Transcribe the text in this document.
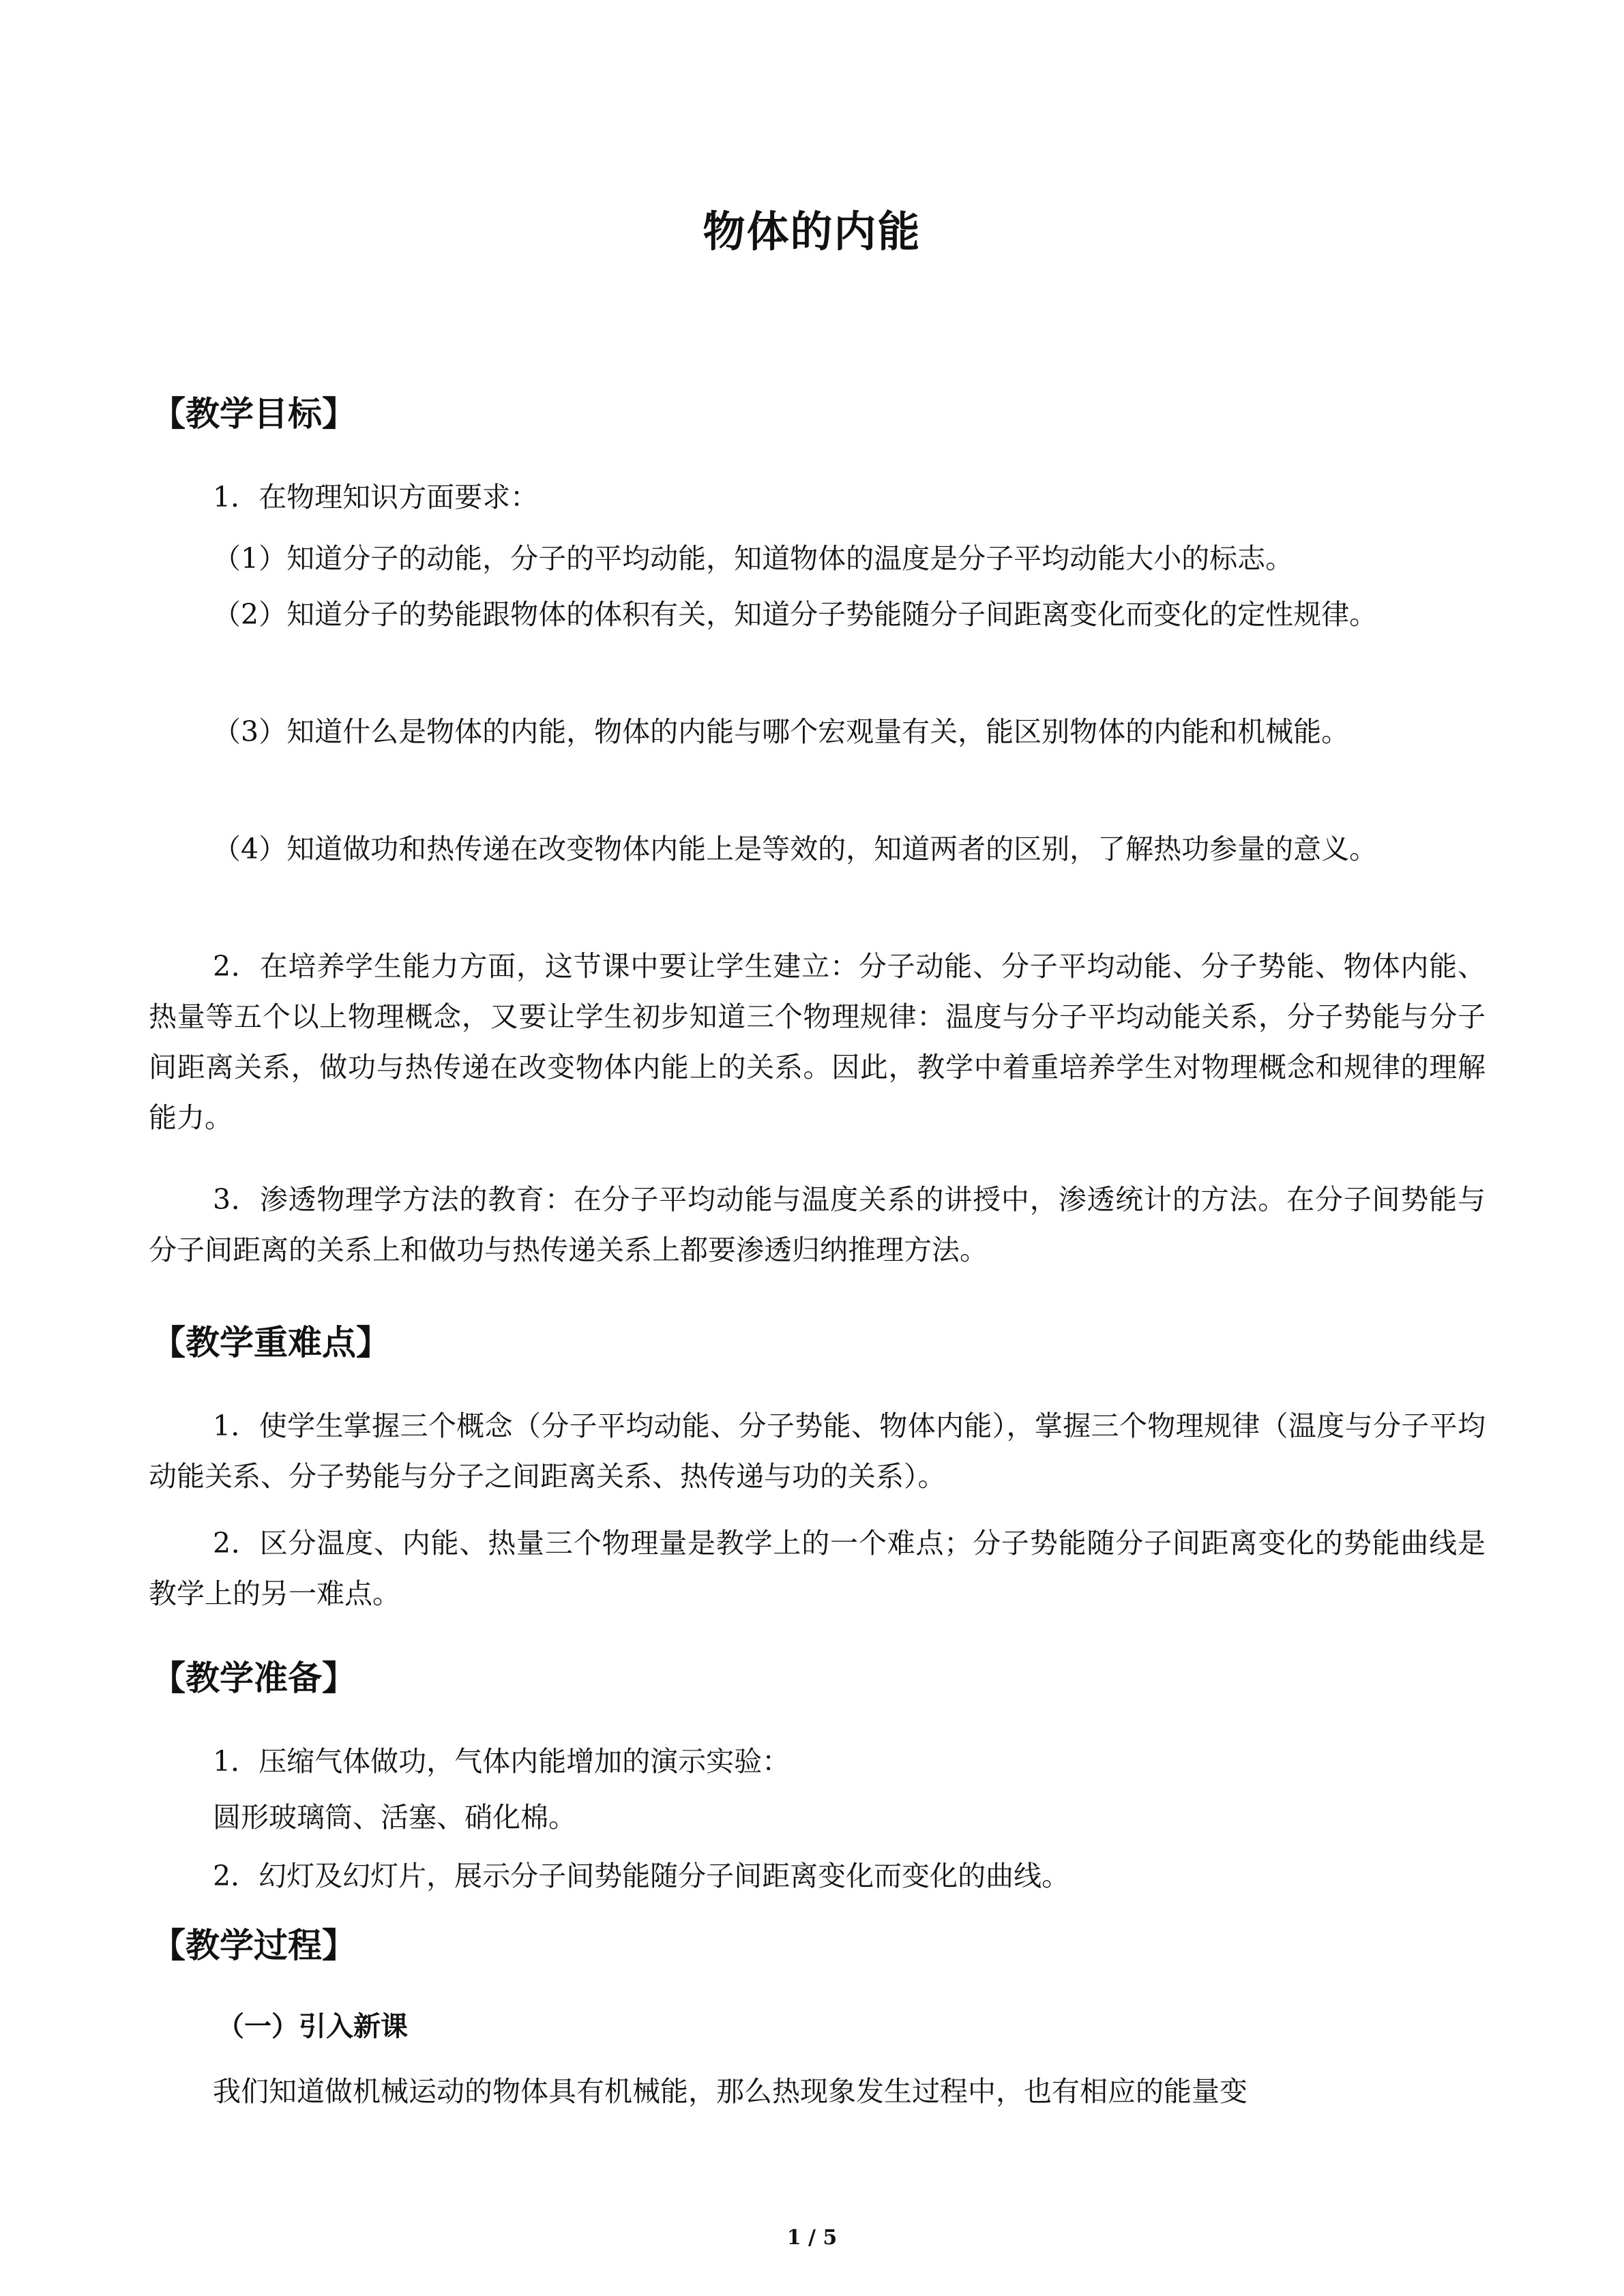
物体的内能
【教学目标】
1．在物理知识方面要求：
（1）知道分子的动能，分子的平均动能，知道物体的温度是分子平均动能大小的标志。
（2）知道分子的势能跟物体的体积有关，知道分子势能随分子间距离变化而变化的定性规律。
（3）知道什么是物体的内能，物体的内能与哪个宏观量有关，能区别物体的内能和机械能。
（4）知道做功和热传递在改变物体内能上是等效的，知道两者的区别，了解热功参量的意义。
2．在培养学生能力方面，这节课中要让学生建立：分子动能、分子平均动能、分子势能、物体内能、热量等五个以上物理概念，又要让学生初步知道三个物理规律：温度与分子平均动能关系，分子势能与分子间距离关系，做功与热传递在改变物体内能上的关系。因此，教学中着重培养学生对物理概念和规律的理解能力。
3．渗透物理学方法的教育：在分子平均动能与温度关系的讲授中，渗透统计的方法。在分子间势能与分子间距离的关系上和做功与热传递关系上都要渗透归纳推理方法。
【教学重难点】
1．使学生掌握三个概念（分子平均动能、分子势能、物体内能），掌握三个物理规律（温度与分子平均动能关系、分子势能与分子之间距离关系、热传递与功的关系）。
2．区分温度、内能、热量三个物理量是教学上的一个难点；分子势能随分子间距离变化的势能曲线是教学上的另一难点。
【教学准备】
1．压缩气体做功，气体内能增加的演示实验：
圆形玻璃筒、活塞、硝化棉。
2．幻灯及幻灯片，展示分子间势能随分子间距离变化而变化的曲线。
【教学过程】
（一）引入新课
我们知道做机械运动的物体具有机械能，那么热现象发生过程中，也有相应的能量变
1 / 5
